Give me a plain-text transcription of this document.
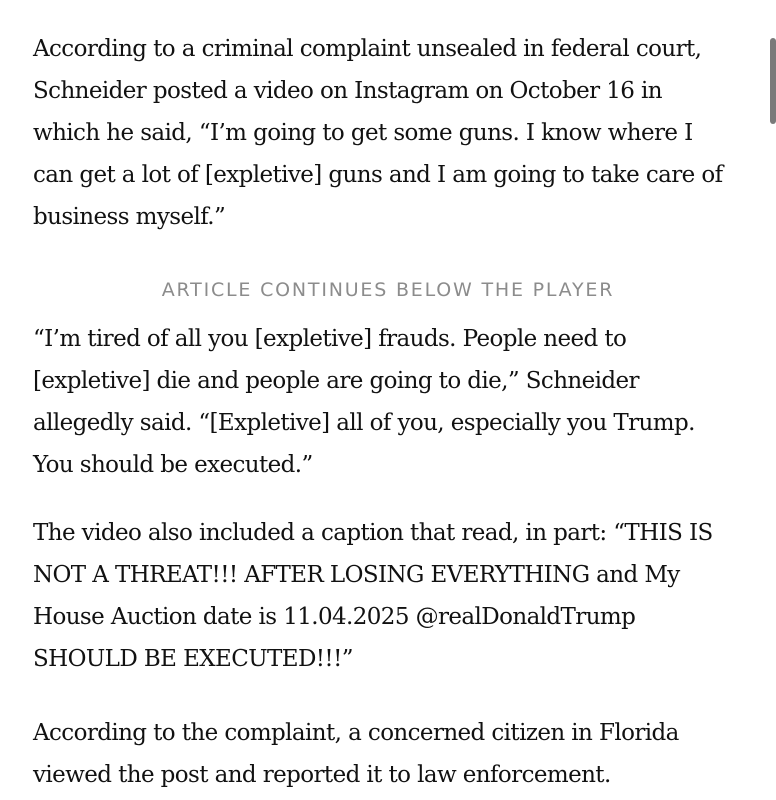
According to a criminal complaint unsealed in federal court, Schneider posted a video on Instagram on October 16 in which he said, “I’m going to get some guns. I know where I can get a lot of [expletive] guns and I am going to take care of business myself.”

ARTICLE CONTINUES BELOW THE PLAYER

“I’m tired of all you [expletive] frauds. People need to [expletive] die and people are going to die,” Schneider allegedly said. “[Expletive] all of you, especially you Trump. You should be executed.”

The video also included a caption that read, in part: “THIS IS NOT A THREAT!!! AFTER LOSING EVERYTHING and My House Auction date is 11.04.2025 @realDonaldTrump SHOULD BE EXECUTED!!!”

According to the complaint, a concerned citizen in Florida viewed the post and reported it to law enforcement.
